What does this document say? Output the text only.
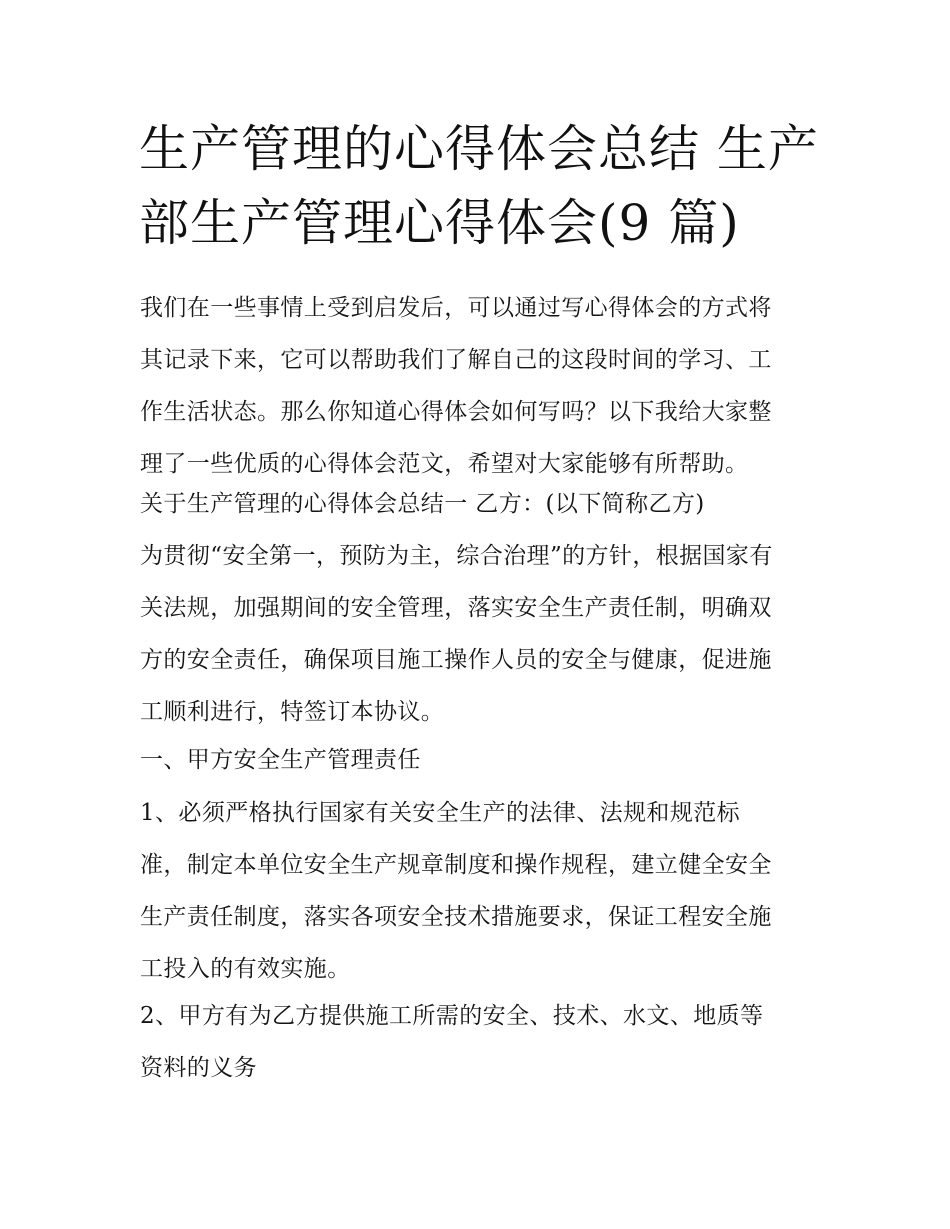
生产管理的心得体会总结 生产
部生产管理心得体会(9 篇)
我们在一些事情上受到启发后，可以通过写心得体会的方式将
其记录下来，它可以帮助我们了解自己的这段时间的学习、工
作生活状态。那么你知道心得体会如何写吗？以下我给大家整
理了一些优质的心得体会范文，希望对大家能够有所帮助。
关于生产管理的心得体会总结一 乙方：(以下简称乙方)
为贯彻“安全第一，预防为主，综合治理”的方针，根据国家有
关法规，加强期间的安全管理，落实安全生产责任制，明确双
方的安全责任，确保项目施工操作人员的安全与健康，促进施
工顺利进行，特签订本协议。
一、甲方安全生产管理责任
1、必须严格执行国家有关安全生产的法律、法规和规范标
准，制定本单位安全生产规章制度和操作规程，建立健全安全
生产责任制度，落实各项安全技术措施要求，保证工程安全施
工投入的有效实施。
2、甲方有为乙方提供施工所需的安全、技术、水文、地质等
资料的义务
